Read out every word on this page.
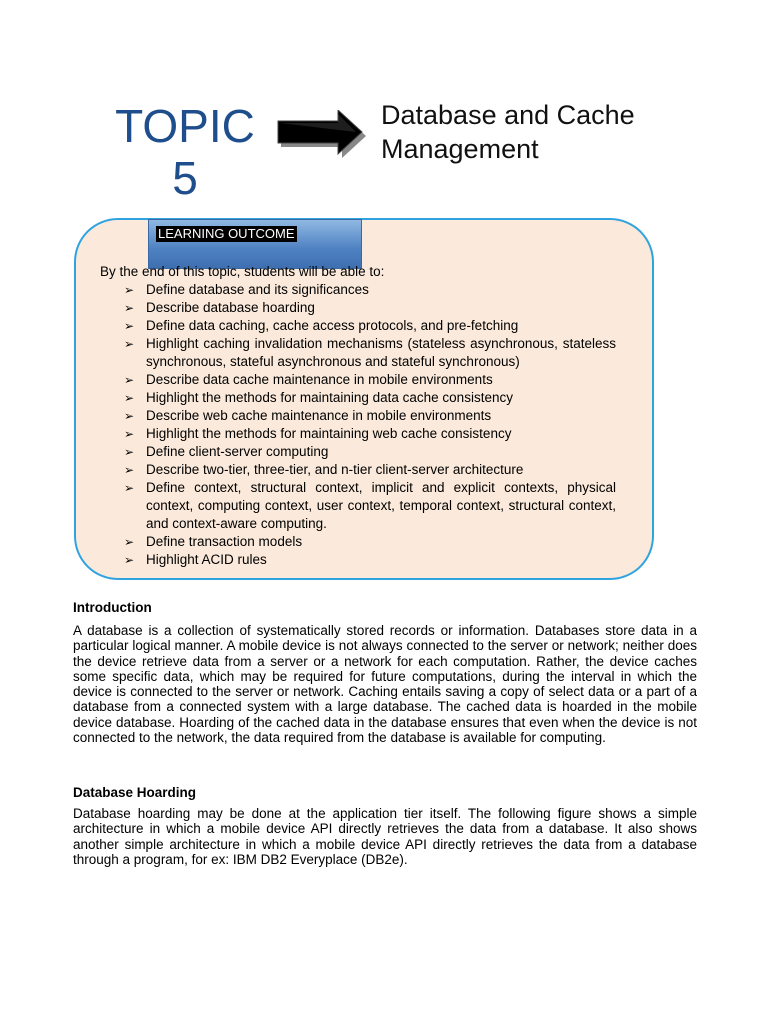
TOPIC
5
Database and Cache
Management
LEARNING OUTCOME
By the end of this topic, students will be able to:
➢ Define database and its significances
➢ Describe database hoarding
➢ Define data caching, cache access protocols, and pre-fetching
➢ Highlight caching invalidation mechanisms (stateless asynchronous, stateless synchronous, stateful asynchronous and stateful synchronous)
➢ Describe data cache maintenance in mobile environments
➢ Highlight the methods for maintaining data cache consistency
➢ Describe web cache maintenance in mobile environments
➢ Highlight the methods for maintaining web cache consistency
➢ Define client-server computing
➢ Describe two-tier, three-tier, and n-tier client-server architecture
➢ Define context, structural context, implicit and explicit contexts, physical context, computing context, user context, temporal context, structural context, and context-aware computing.
➢ Define transaction models
➢ Highlight ACID rules
Introduction

A database is a collection of systematically stored records or information. Databases store data in a particular logical manner. A mobile device is not always connected to the server or network; neither does the device retrieve data from a server or a network for each computation. Rather, the device caches some specific data, which may be required for future computations, during the interval in which the device is connected to the server or network. Caching entails saving a copy of select data or a part of a database from a connected system with a large database. The cached data is hoarded in the mobile device database. Hoarding of the cached data in the database ensures that even when the device is not connected to the network, the data required from the database is available for computing.

Database Hoarding

Database hoarding may be done at the application tier itself. The following figure shows a simple architecture in which a mobile device API directly retrieves the data from a database. It also shows another simple architecture in which a mobile device API directly retrieves the data from a database through a program, for ex: IBM DB2 Everyplace (DB2e).
